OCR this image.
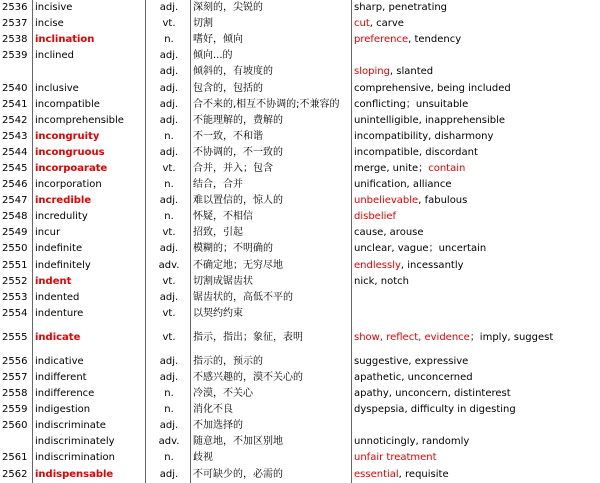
2536	incisive	adj.	深刻的，尖锐的	sharp, penetrating
2537	incise	vt.	切割	cut, carve
2538	inclination	n.	嗜好，倾向	preference, tendency
2539	inclined	adj.	倾向...的	
		adj.	倾斜的，有坡度的	sloping, slanted
2540	inclusive	adj.	包含的，包括的	comprehensive, being included
2541	incompatible	adj.	合不来的,相互不协调的;不兼容的	conflicting；unsuitable
2542	incomprehensible	adj.	不能理解的，费解的	unintelligible, inapprehensible
2543	incongruity	n.	不一致，不和谐	incompatibility, disharmony
2544	incongruous	adj.	不协调的，不一致的	incompatible, discordant
2545	incorpoarate	vt.	合并，并入；包含	merge, unite；contain
2546	incorporation	n.	结合，合并	unification, alliance
2547	incredible	adj.	难以置信的，惊人的	unbelievable, fabulous
2548	incredulity	n.	怀疑，不相信	disbelief
2549	incur	vt.	招致，引起	cause, arouse
2550	indefinite	adj.	模糊的；不明确的	unclear, vague；uncertain
2551	indefinitely	adv.	不确定地；无穷尽地	endlessly, incessantly
2552	indent	vt.	切割成锯齿状	nick, notch
2553	indented	adj.	锯齿状的，高低不平的	
2554	indenture	vt.	以契约约束	
2555	indicate	vt.	指示，指出；象征，表明	show, reflect, evidence；imply, suggest
2556	indicative	adj.	指示的，预示的	suggestive, expressive
2557	indifferent	adj.	不感兴趣的，漠不关心的	apathetic, unconcerned
2558	indifference	n.	冷漠，不关心	apathy, unconcern, distinterest
2559	indigestion	n.	消化不良	dyspepsia, difficulty in digesting
2560	indiscriminate	adj.	不加选择的	
	indiscriminately	adv.	随意地，不加区别地	unnoticingly, randomly
2561	indiscrimination	n.	歧视	unfair treatment
2562	indispensable	adj.	不可缺少的，必需的	essential, requisite
